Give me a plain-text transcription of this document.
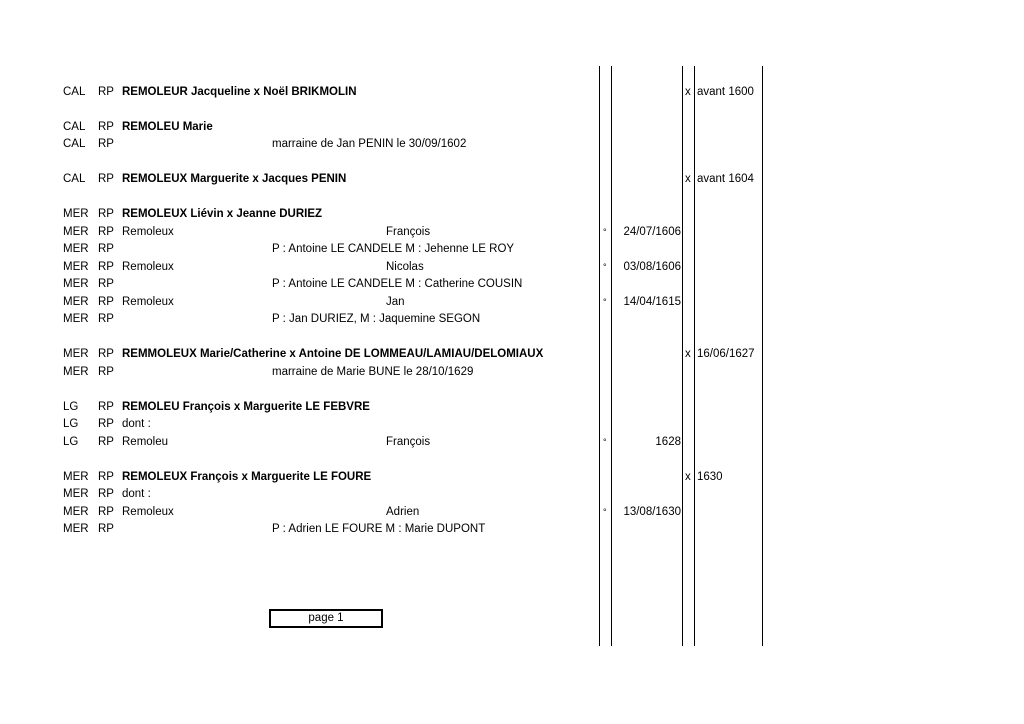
CAL RP REMOLEUR Jacqueline x Noël BRIKMOLIN	x avant 1600
CAL RP REMOLEU Marie
CAL RP	marraine de Jan PENIN le 30/09/1602
CAL RP REMOLEUX Marguerite x Jacques PENIN	x avant 1604
MER RP REMOLEUX Liévin x Jeanne DURIEZ
MER RP Remoleux	François	°	24/07/1606
MER RP	P : Antoine LE CANDELE M : Jehenne LE ROY
MER RP Remoleux	Nicolas	°	03/08/1606
MER RP	P : Antoine LE CANDELE M : Catherine COUSIN
MER RP Remoleux	Jan	°	14/04/1615
MER RP	P : Jan DURIEZ, M : Jaquemine SEGON
MER RP REMMOLEUX Marie/Catherine x Antoine DE LOMMEAU/LAMIAU/DELOMIAUX	x 16/06/1627
MER RP	marraine de Marie BUNE le 28/10/1629
LG RP REMOLEU François x Marguerite LE FEBVRE
LG RP dont :
LG RP Remoleu	François	°	1628
MER RP REMOLEUX François x Marguerite LE FOURE	x 1630
MER RP dont :
MER RP Remoleux	Adrien	°	13/08/1630
MER RP	P : Adrien LE FOURE M : Marie DUPONT
page 1
